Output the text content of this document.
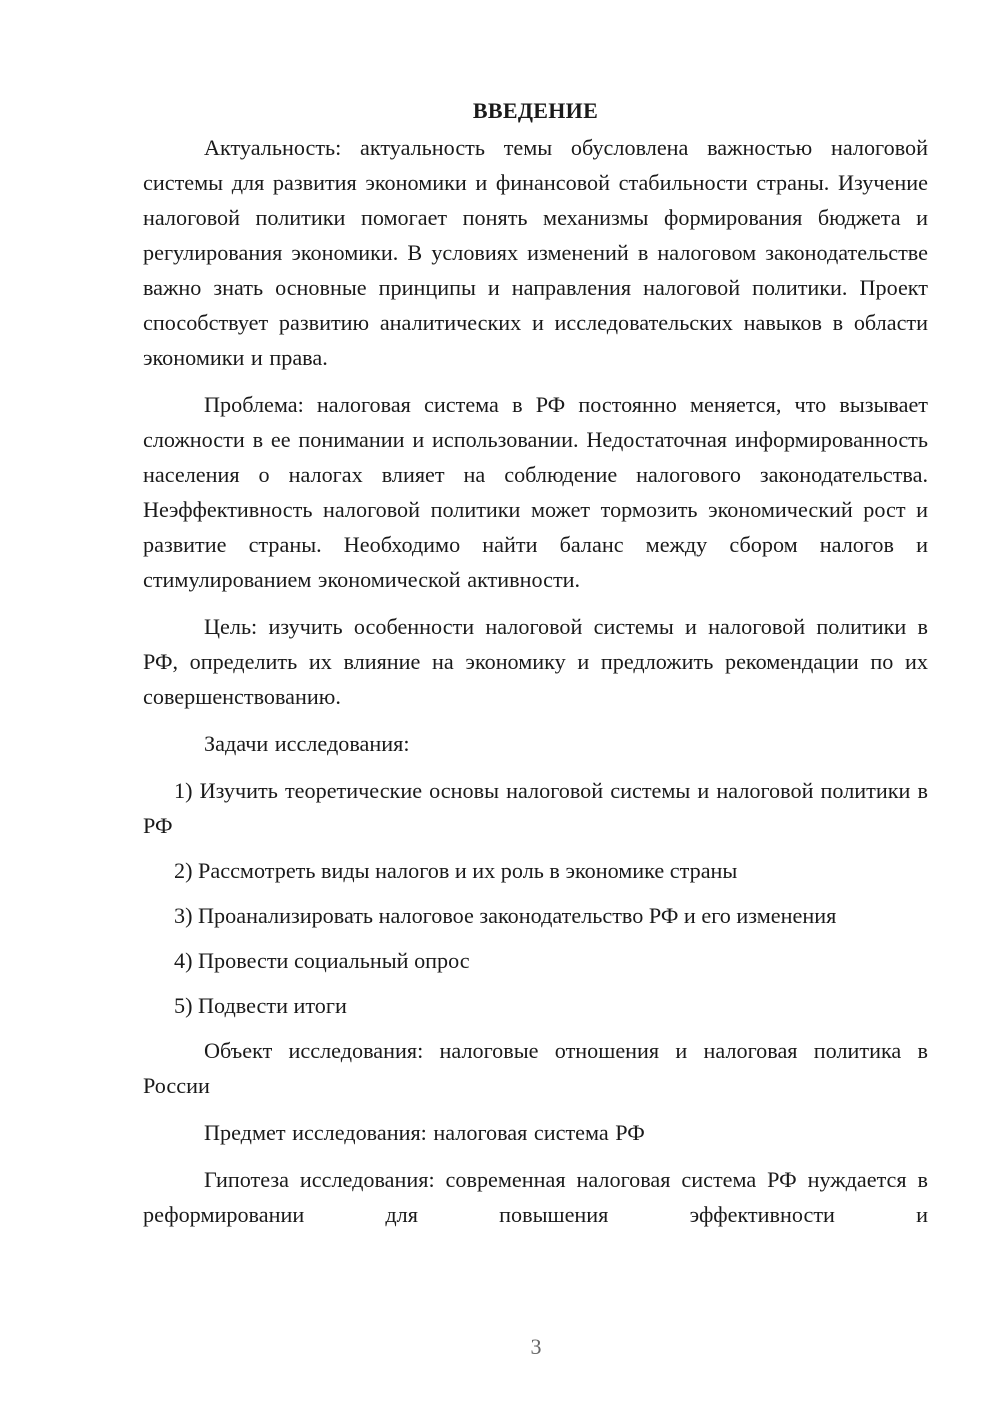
ВВЕДЕНИЕ

Актуальность: актуальность темы обусловлена важностью налоговой системы для развития экономики и финансовой стабильности страны. Изучение налоговой политики помогает понять механизмы формирования бюджета и регулирования экономики. В условиях изменений в налоговом законодательстве важно знать основные принципы и направления налоговой политики. Проект способствует развитию аналитических и исследовательских навыков в области экономики и права.

Проблема: налоговая система в РФ постоянно меняется, что вызывает сложности в ее понимании и использовании. Недостаточная информированность населения о налогах влияет на соблюдение налогового законодательства. Неэффективность налоговой политики может тормозить экономический рост и развитие страны. Необходимо найти баланс между сбором налогов и стимулированием экономической активности.

Цель: изучить особенности налоговой системы и налоговой политики в РФ, определить их влияние на экономику и предложить рекомендации по их совершенствованию.

Задачи исследования:

1) Изучить теоретические основы налоговой системы и налоговой политики в РФ

2) Рассмотреть виды налогов и их роль в экономике страны

3) Проанализировать налоговое законодательство РФ и его изменения

4) Провести социальный опрос

5) Подвести итоги

Объект исследования: налоговые отношения и налоговая политика в России

Предмет исследования: налоговая система РФ

Гипотеза исследования: современная налоговая система РФ нуждается в реформировании для повышения эффективности и

3
